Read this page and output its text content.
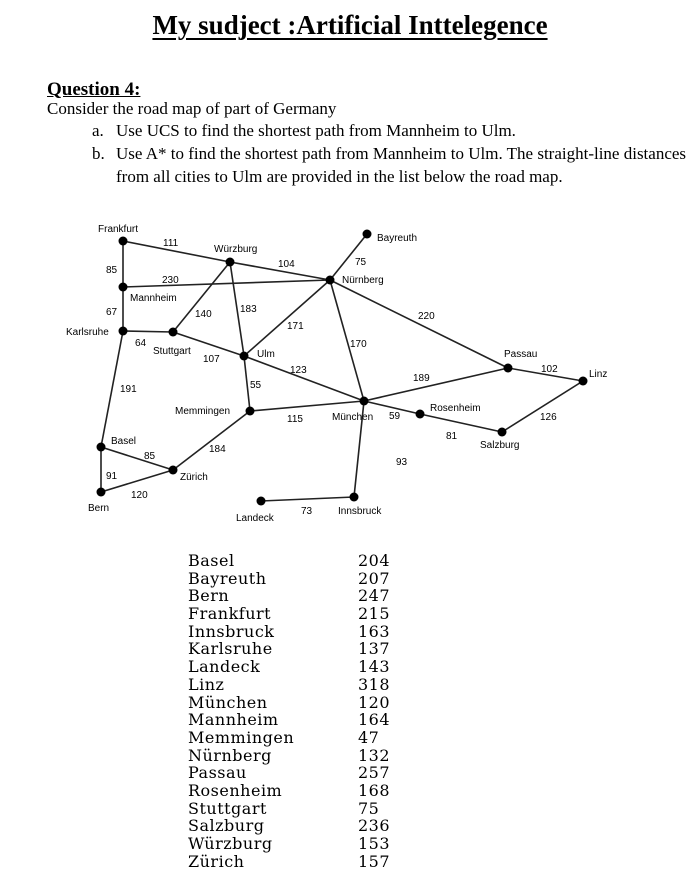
My sudject :Artificial Inttelegence
Question 4:
Consider the road map of part of Germany
a. Use UCS to find the shortest path from Mannheim to Ulm.
b. Use A* to find the shortest path from Mannheim to Ulm. The straight-line distances from all cities to Ulm are provided in the list below the road map.
111
85
230
104
140	183
75
171
170
220
67
64
107
191
123
55
189
102
115	59
81
126
184
85
91
120
93
73
Frankfurt
Würzburg
Bayreuth
Nürnberg
Mannheim
Karlsruhe
Stuttgart	Ulm	Passau
Linz
Memmingen
München
Rosenheim
Basel	Salzburg
Zürich
Bern
Landeck
Innsbruck
Basel	204
Bayreuth	207
Bern	247
Frankfurt	215
Innsbruck	163
Karlsruhe	137
Landeck	143
Linz	318
München	120
Mannheim	164
Memmingen	47
Nürnberg	132
Passau	257
Rosenheim	168
Stuttgart	75
Salzburg	236
Würzburg	153
Zürich	157
